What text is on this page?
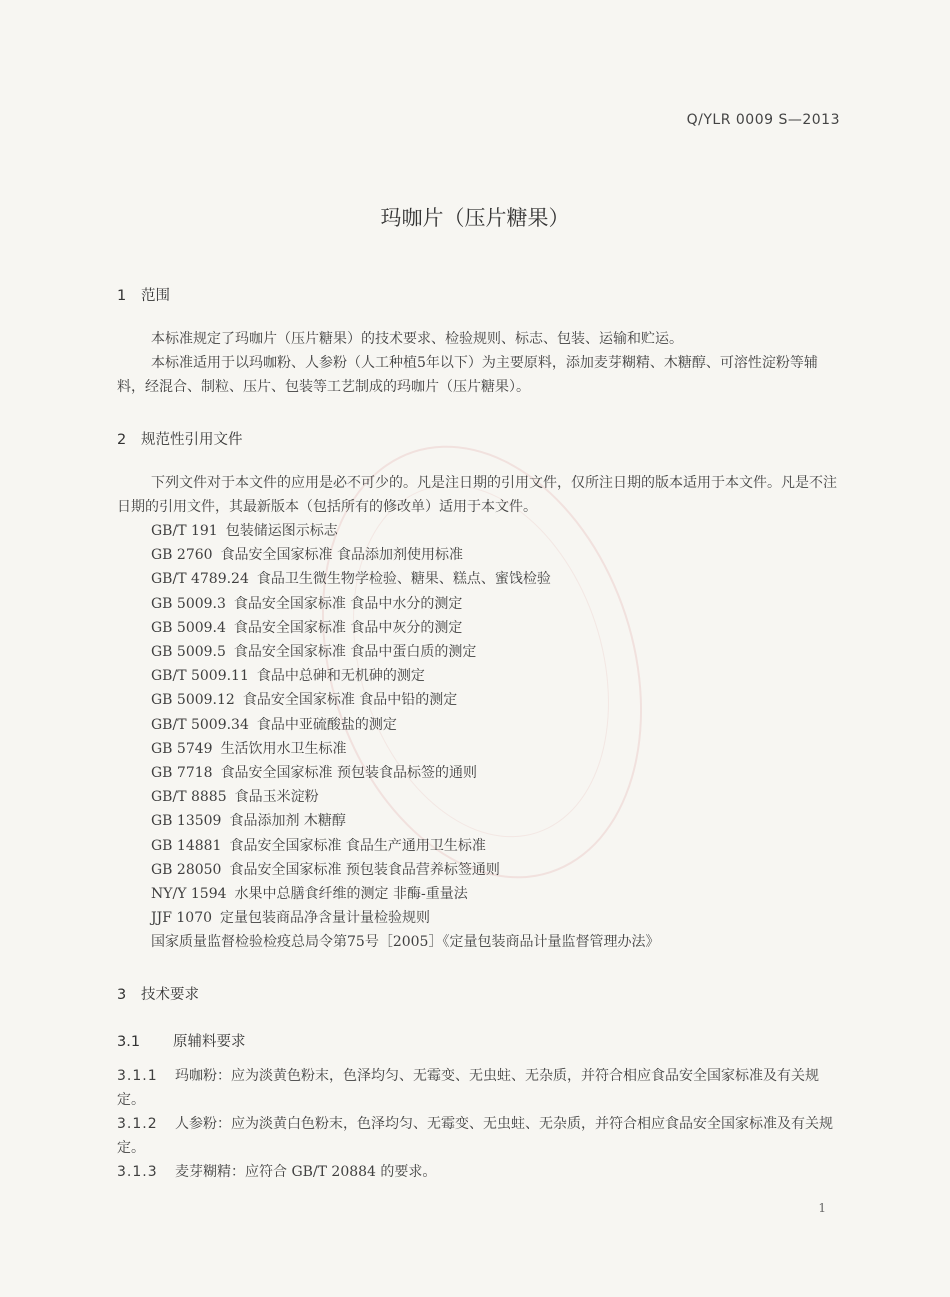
Q/YLR 0009 S—2013
玛咖片（压片糖果）
1 范围
本标准规定了玛咖片（压片糖果）的技术要求、检验规则、标志、包装、运输和贮运。
本标准适用于以玛咖粉、人参粉（人工种植5年以下）为主要原料，添加麦芽糊精、木糖醇、可溶性淀粉等辅料，经混合、制粒、压片、包装等工艺制成的玛咖片（压片糖果）。
2 规范性引用文件
下列文件对于本文件的应用是必不可少的。凡是注日期的引用文件，仅所注日期的版本适用于本文件。凡是不注日期的引用文件，其最新版本（包括所有的修改单）适用于本文件。
GB/T 191 包装储运图示标志
GB 2760 食品安全国家标准 食品添加剂使用标准
GB/T 4789.24 食品卫生微生物学检验、糖果、糕点、蜜饯检验
GB 5009.3 食品安全国家标准 食品中水分的测定
GB 5009.4 食品安全国家标准 食品中灰分的测定
GB 5009.5 食品安全国家标准 食品中蛋白质的测定
GB/T 5009.11 食品中总砷和无机砷的测定
GB 5009.12 食品安全国家标准 食品中铅的测定
GB/T 5009.34 食品中亚硫酸盐的测定
GB 5749 生活饮用水卫生标准
GB 7718 食品安全国家标准 预包装食品标签的通则
GB/T 8885 食品玉米淀粉
GB 13509 食品添加剂 木糖醇
GB 14881 食品安全国家标准 食品生产通用卫生标准
GB 28050 食品安全国家标准 预包装食品营养标签通则
NY/Y 1594 水果中总膳食纤维的测定 非酶-重量法
JJF 1070 定量包装商品净含量计量检验规则
国家质量监督检验检疫总局令第75号［2005］《定量包装商品计量监督管理办法》
3 技术要求
3.1 原辅料要求
3.1.1 玛咖粉：应为淡黄色粉末，色泽均匀、无霉变、无虫蛀、无杂质，并符合相应食品安全国家标准及有关规定。
3.1.2 人参粉：应为淡黄白色粉末，色泽均匀、无霉变、无虫蛀、无杂质，并符合相应食品安全国家标准及有关规定。
3.1.3 麦芽糊精：应符合 GB/T 20884 的要求。
1
